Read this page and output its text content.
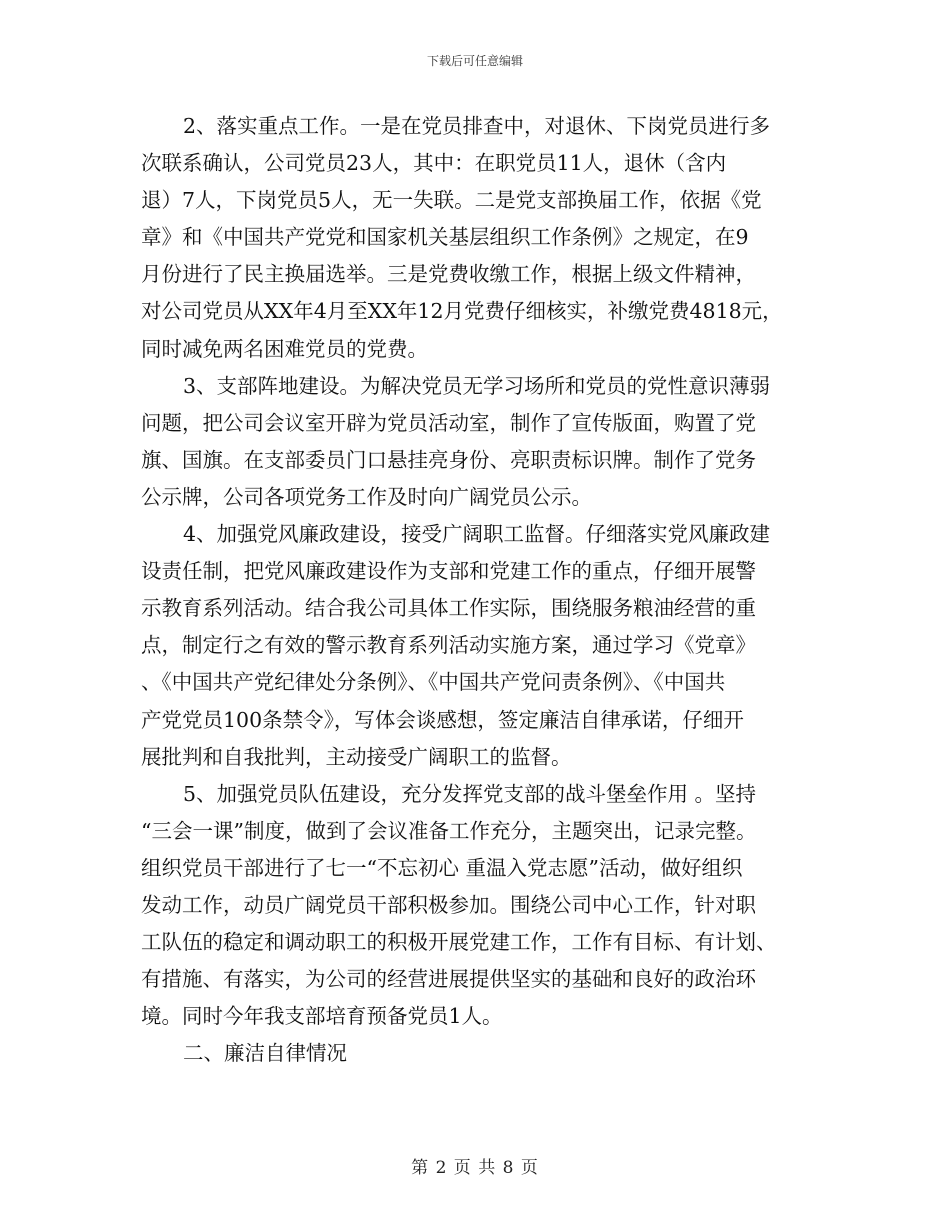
下载后可任意编辑
2、落实重点工作。一是在党员排查中，对退休、下岗党员进行多
次联系确认，公司党员23人，其中：在职党员11人，退休（含内
退）7人，下岗党员5人，无一失联。二是党支部换届工作，依据《党
章》和《中国共产党党和国家机关基层组织工作条例》之规定，在9
月份进行了民主换届选举。三是党费收缴工作，根据上级文件精神，
对公司党员从XX年4月至XX年12月党费仔细核实，补缴党费4818元，
同时减免两名困难党员的党费。
3、支部阵地建设。为解决党员无学习场所和党员的党性意识薄弱
问题，把公司会议室开辟为党员活动室，制作了宣传版面，购置了党
旗、国旗。在支部委员门口悬挂亮身份、亮职责标识牌。制作了党务
公示牌，公司各项党务工作及时向广阔党员公示。
4、加强党风廉政建设，接受广阔职工监督。仔细落实党风廉政建
设责任制，把党风廉政建设作为支部和党建工作的重点，仔细开展警
示教育系列活动。结合我公司具体工作实际，围绕服务粮油经营的重
点，制定行之有效的警示教育系列活动实施方案，通过学习《党章》
、《中国共产党纪律处分条例》、《中国共产党问责条例》、《中国共
产党党员100条禁令》，写体会谈感想，签定廉洁自律承诺，仔细开
展批判和自我批判，主动接受广阔职工的监督。
5、加强党员队伍建设，充分发挥党支部的战斗堡垒作用 。坚持
“三会一课”制度，做到了会议准备工作充分，主题突出，记录完整。
组织党员干部进行了七一“不忘初心 重温入党志愿”活动，做好组织
发动工作，动员广阔党员干部积极参加。围绕公司中心工作，针对职
工队伍的稳定和调动职工的积极开展党建工作，工作有目标、有计划、
有措施、有落实，为公司的经营进展提供坚实的基础和良好的政治环
境。同时今年我支部培育预备党员1人。
二、廉洁自律情况
第 2 页 共 8 页
